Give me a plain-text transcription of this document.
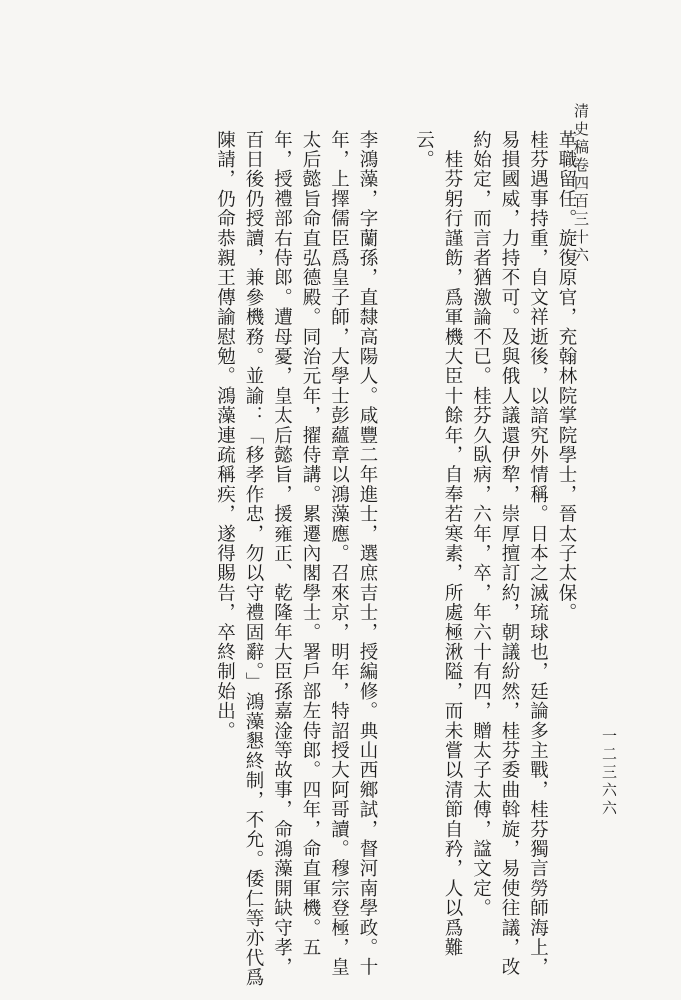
清史稿卷四百三十六
一二三六六

革職留任。旋復原官，充翰林院掌院學士，晉太子太保。

桂芬遇事持重，自文祥逝後，以諳究外情稱。日本之滅琉球也，廷論多主戰，桂芬獨言勞師海上，易損國威，力持不可。及與俄人議還伊犂，崇厚擅訂約，朝議紛然，桂芬委曲斡旋，易使往議，改約始定，而言者猶激論不已。桂芬久臥病，六年，卒，年六十有四，贈太子太傅，諡文定。

　桂芬躬行謹飭，爲軍機大臣十餘年，自奉若寒素，所處極湫隘，而未嘗以清節自矜，人以爲難云。

李鴻藻，字蘭孫，直隸高陽人。咸豐二年進士，選庶吉士，授編修。典山西鄉試，督河南學政。十年，上擇儒臣爲皇子師，大學士彭蘊章以鴻藻應。召來京，明年，特詔授大阿哥讀。穆宗登極，皇太后懿旨命直弘德殿。同治元年，擢侍講。累遷內閣學士。署戶部左侍郎。四年，命直軍機。五年，授禮部右侍郎。遭母憂，皇太后懿旨，援雍正、乾隆年大臣孫嘉淦等故事，命鴻藻開缺守孝，百日後仍授讀，兼參機務。並諭：「移孝作忠，勿以守禮固辭。」鴻藻懇終制，不允。倭仁等亦代爲陳請，仍命恭親王傳諭慰勉。鴻藻連疏稱疾，遂得賜告，卒終制始出。
